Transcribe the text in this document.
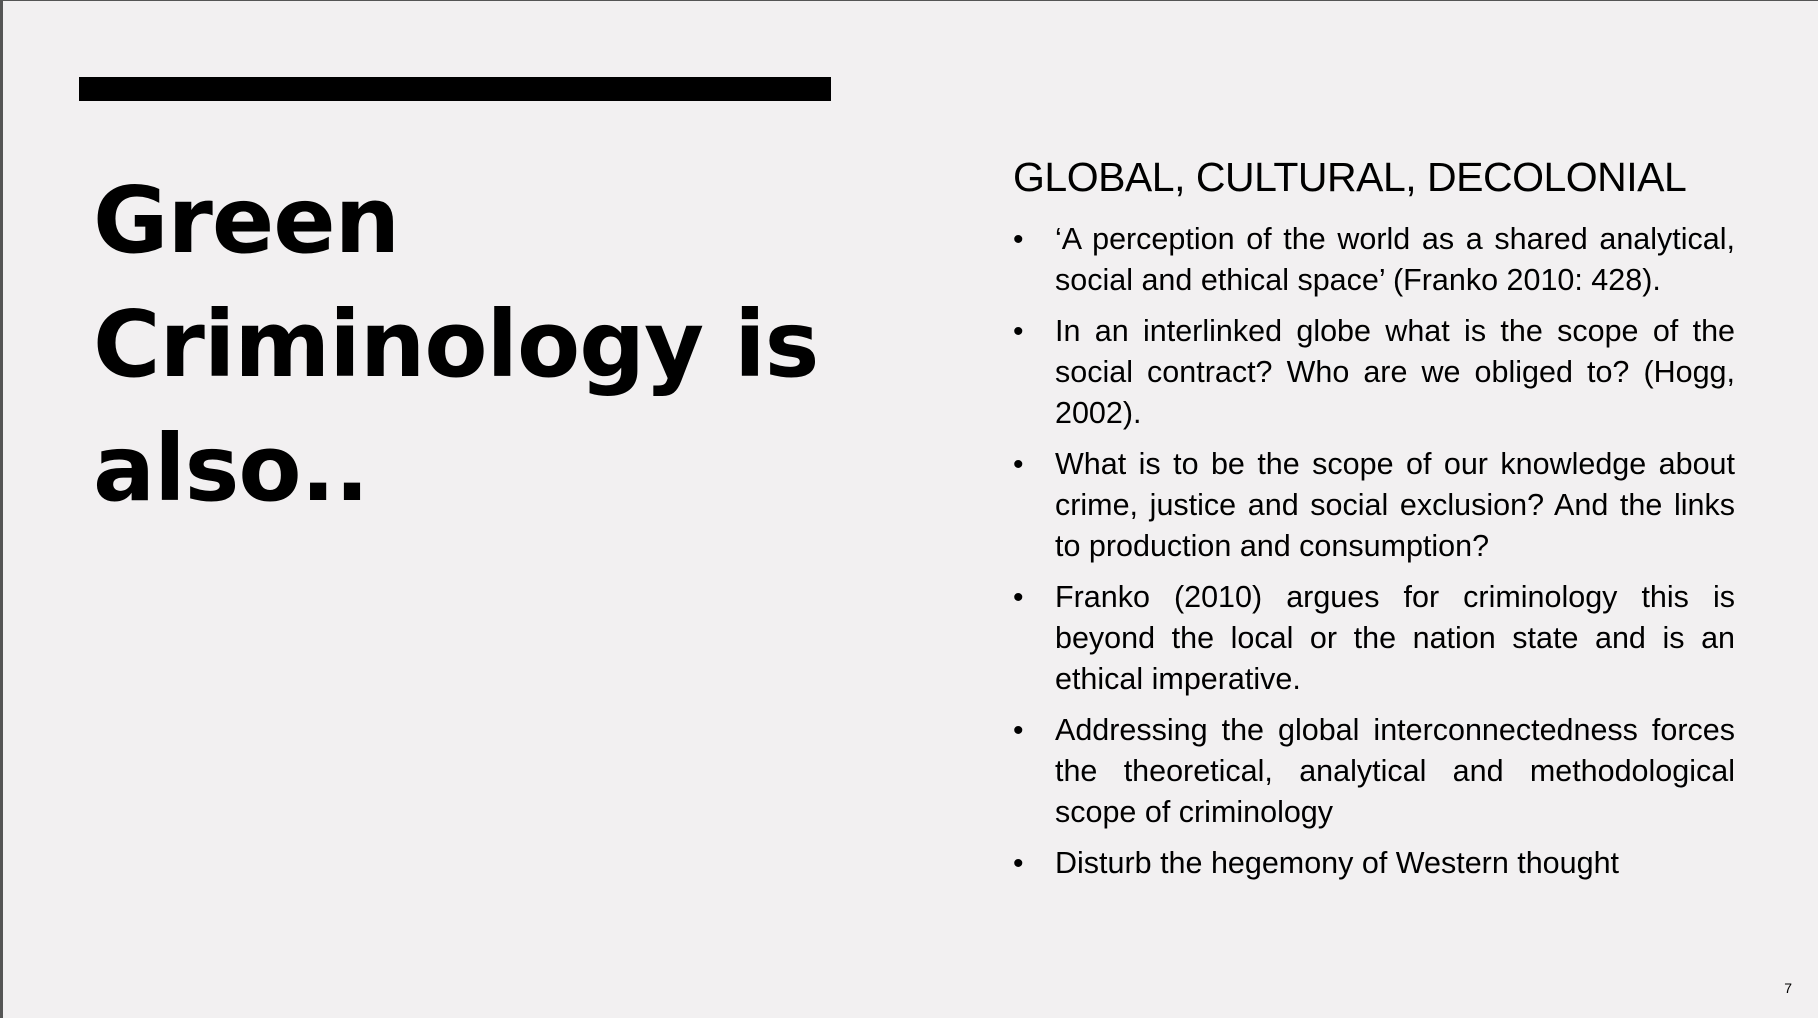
Green
Criminology is
also..
GLOBAL, CULTURAL, DECOLONIAL
• ‘A perception of the world as a shared analytical, social and ethical space’ (Franko 2010: 428).
• In an interlinked globe what is the scope of the social contract? Who are we obliged to? (Hogg, 2002).
• What is to be the scope of our knowledge about crime, justice and social exclusion? And the links to production and consumption?
• Franko (2010) argues for criminology this is beyond the local or the nation state and is an ethical imperative.
• Addressing the global interconnectedness forces the theoretical, analytical and methodological scope of criminology
• Disturb the hegemony of Western thought
7
